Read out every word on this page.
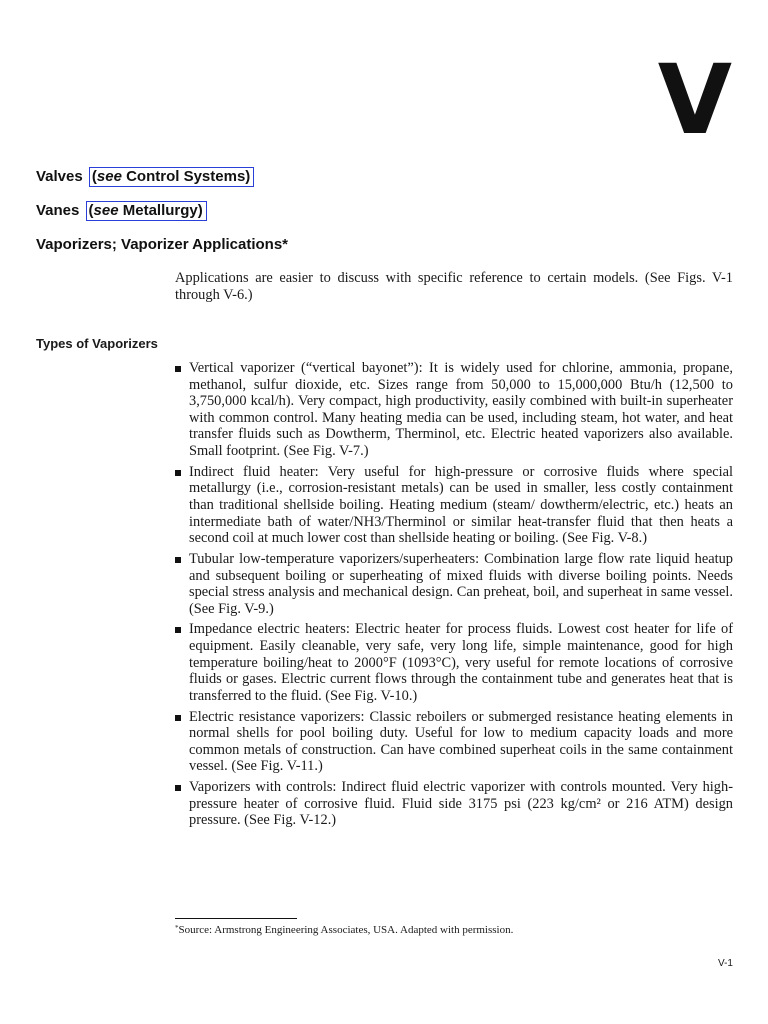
V
Valves (see Control Systems)
Vanes (see Metallurgy)
Vaporizers; Vaporizer Applications*

Applications are easier to discuss with specific reference to certain models. (See Figs. V-1 through V-6.)

Types of Vaporizers
Vertical vaporizer (“vertical bayonet”): It is widely used for chlorine, ammonia, propane, methanol, sulfur dioxide, etc. Sizes range from 50,000 to 15,000,000 Btu/h (12,500 to 3,750,000 kcal/h). Very compact, high productivity, easily combined with built-in superheater with common control. Many heating media can be used, including steam, hot water, and heat transfer fluids such as Dowtherm, Therminol, etc. Electric heated vaporizers also available. Small footprint. (See Fig. V-7.)
Indirect fluid heater: Very useful for high-pressure or corrosive fluids where special metallurgy (i.e., corrosion-resistant metals) can be used in smaller, less costly containment than traditional shellside boiling. Heating medium (steam/ dowtherm/electric, etc.) heats an intermediate bath of water/NH3/Therminol or similar heat-transfer fluid that then heats a second coil at much lower cost than shellside heating or boiling. (See Fig. V-8.)
Tubular low-temperature vaporizers/superheaters: Combination large flow rate liquid heatup and subsequent boiling or superheating of mixed fluids with diverse boiling points. Needs special stress analysis and mechanical design. Can preheat, boil, and superheat in same vessel. (See Fig. V-9.)
Impedance electric heaters: Electric heater for process fluids. Lowest cost heater for life of equipment. Easily cleanable, very safe, very long life, simple maintenance, good for high temperature boiling/heat to 2000°F (1093°C), very useful for remote locations of corrosive fluids or gases. Electric current flows through the containment tube and generates heat that is transferred to the fluid. (See Fig. V-10.)
Electric resistance vaporizers: Classic reboilers or submerged resistance heating elements in normal shells for pool boiling duty. Useful for low to medium capacity loads and more common metals of construction. Can have combined superheat coils in the same containment vessel. (See Fig. V-11.)
Vaporizers with controls: Indirect fluid electric vaporizer with controls mounted. Very high-pressure heater of corrosive fluid. Fluid side 3175 psi (223 kg/cm² or 216 ATM) design pressure. (See Fig. V-12.)

*Source: Armstrong Engineering Associates, USA. Adapted with permission.

V-1
